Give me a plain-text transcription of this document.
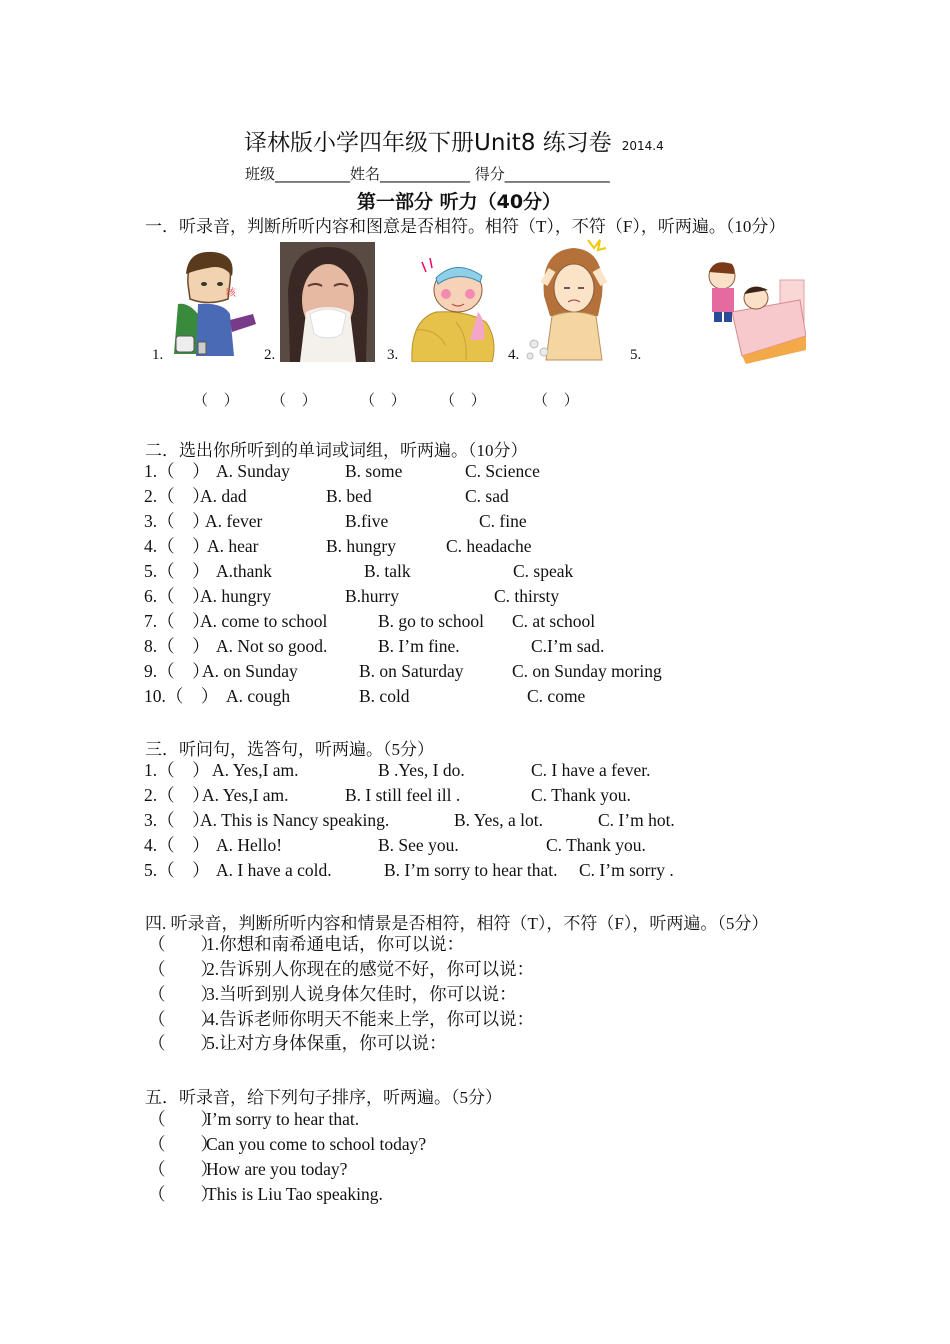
译林版小学四年级下册Unit8 练习卷 2014.4
班级__________姓名____________ 得分______________
第一部分 听力（40分）
一．听录音，判断所听内容和图意是否相符。相符（T），不符（F），听两遍。（10分）
1.	2.	3.	4.	5.
咳
（ ） （ ） （ ） （ ）	（ ）
二．选出你所听到的单词或词组，听两遍。（10分）
1.（　） A. Sunday	B. some	C. Science
2.（　）
A. dad	B. bed	C. sad
3.（　）
A. fever	B.five	C. fine
4.（　）
A. hear	B. hungry	C. headache
5.（　） A.thank	B. talk	C. speak
6.（　）
A. hungry	B.hurry	C. thirsty
7.（　）
A. come to school	B. go to school C. at school
8.（　） A. Not so good.	B. I’m fine.	C.I’m sad.
9.（　）
A. on Sunday	B. on Saturday	C. on Sunday moring
10.（　） A. cough	B. cold	C. come
三．听问句，选答句，听两遍。（5分）
1.（　） A. Yes,I am.	B .Yes, I do.	C. I have a fever.
2.（　）
A. Yes,I am.	B. I still feel ill .	C. Thank you.
3.（　）
A. This is Nancy speaking.	B. Yes, a lot.	C. I’m hot.
4.（　） A. Hello!	B. See you.	C. Thank you.
5.（　） A. I have a cold.	B. I’m sorry to hear that. C. I’m sorry .
四. 听录音，判断所听内容和情景是否相符，相符（T），不符（F），听两遍。（5分）
（　　）
1.你想和南希通电话，你可以说：
（　　）
2.告诉别人你现在的感觉不好，你可以说：
（　　）
3.当听到别人说身体欠佳时，你可以说：
（　　）
4.告诉老师你明天不能来上学，你可以说：
（　　）
5.让对方身体保重，你可以说：
五．听录音，给下列句子排序，听两遍。（5分）
（　　）
I’m sorry to hear that.
（　　）
Can you come to school today?
（　　）
How are you today?
（　　）
This is Liu Tao speaking.
